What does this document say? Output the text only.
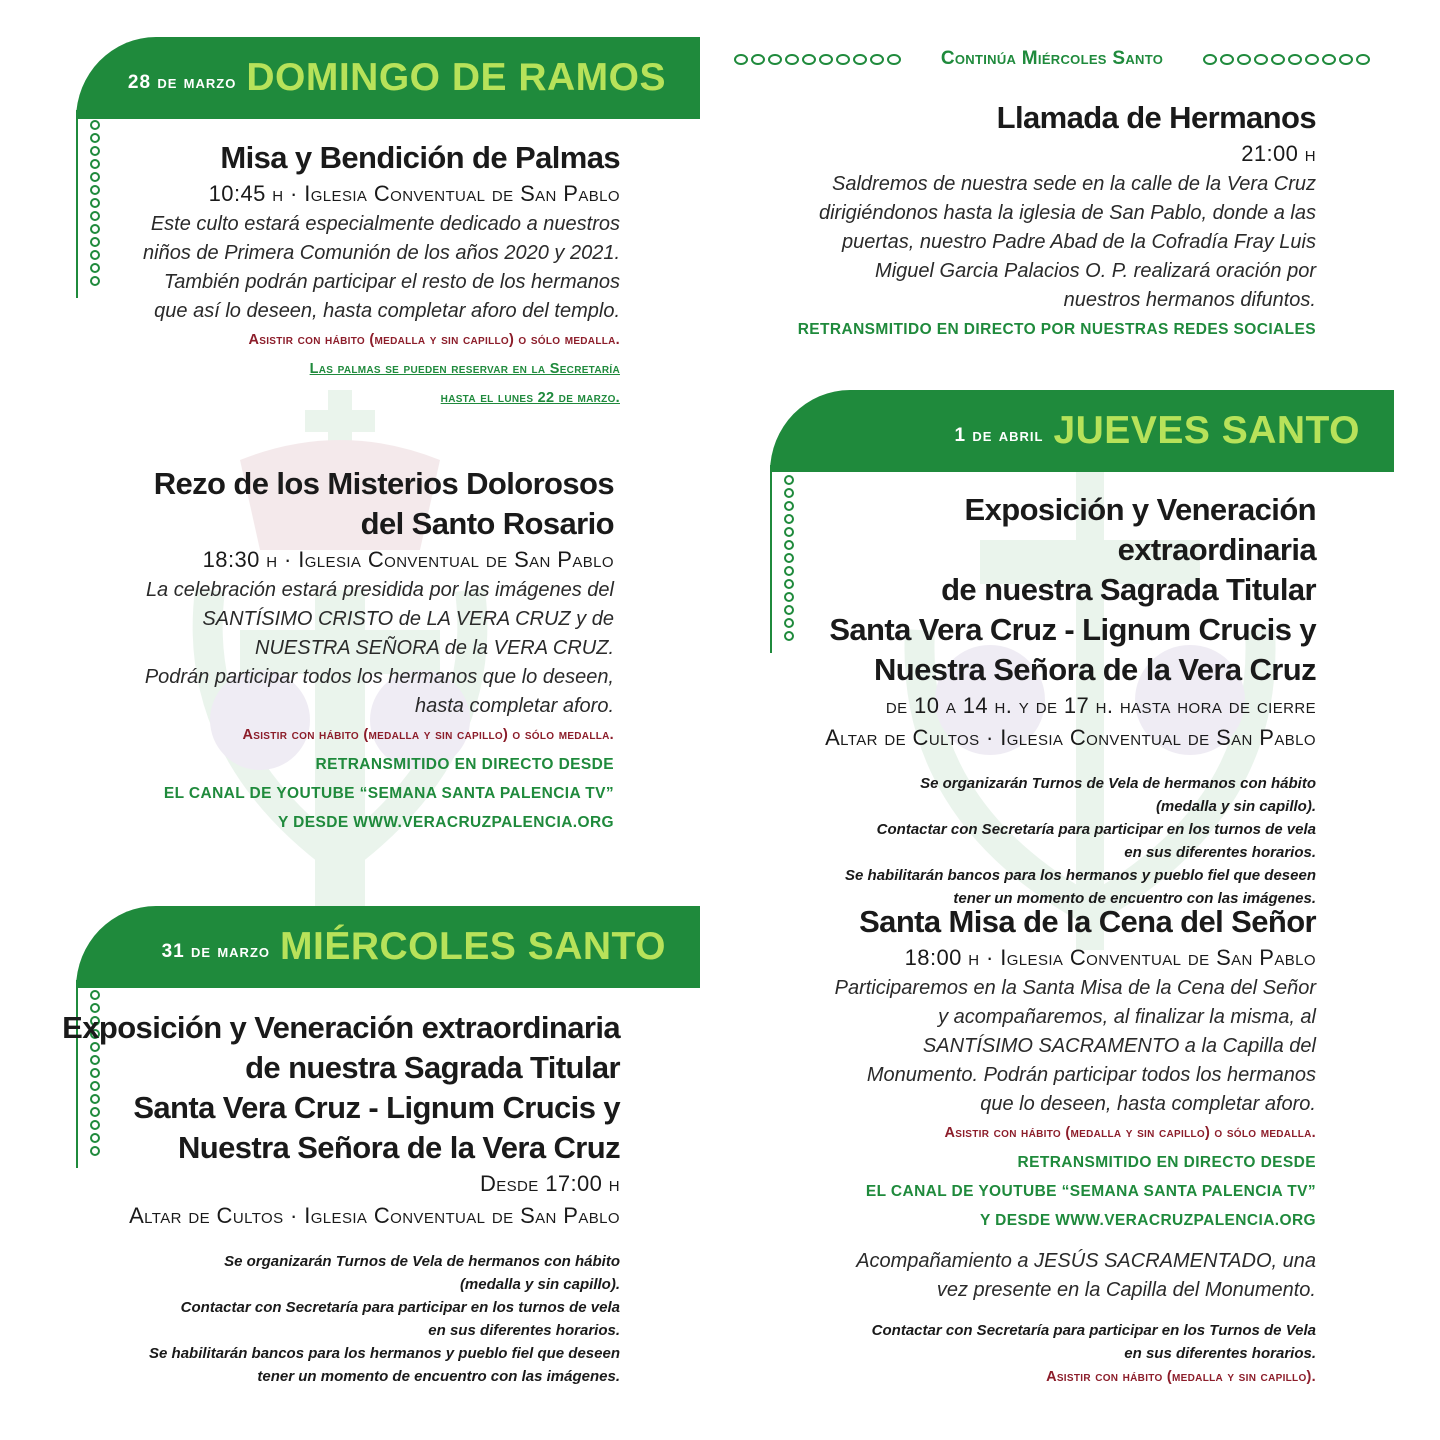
28 de marzo DOMINGO DE RAMOS
Misa y Bendición de Palmas
10:45 h · Iglesia Conventual de San Pablo
Este culto estará especialmente dedicado a nuestros
niños de Primera Comunión de los años 2020 y 2021.
También podrán participar el resto de los hermanos
que así lo deseen, hasta completar aforo del templo.
Asistir con hábito (medalla y sin capillo) o sólo medalla.
Las palmas se pueden reservar en la Secretaría
hasta el lunes 22 de marzo.
Rezo de los Misterios Dolorosos
del Santo Rosario
18:30 h · Iglesia Conventual de San Pablo
La celebración estará presidida por las imágenes del
SANTÍSIMO CRISTO de LA VERA CRUZ y de
NUESTRA SEÑORA de la VERA CRUZ.
Podrán participar todos los hermanos que lo deseen,
hasta completar aforo.
Asistir con hábito (medalla y sin capillo) o sólo medalla.
RETRANSMITIDO EN DIRECTO DESDE
EL CANAL DE YOUTUBE “SEMANA SANTA PALENCIA TV”
Y DESDE WWW.VERACRUZPALENCIA.ORG
31 de marzo MIÉRCOLES SANTO
Exposición y Veneración extraordinaria
de nuestra Sagrada Titular
Santa Vera Cruz - Lignum Crucis y
Nuestra Señora de la Vera Cruz
Desde 17:00 h
Altar de Cultos · Iglesia Conventual de San Pablo
Se organizarán Turnos de Vela de hermanos con hábito
(medalla y sin capillo).
Contactar con Secretaría para participar en los turnos de vela
en sus diferentes horarios.
Se habilitarán bancos para los hermanos y pueblo fiel que deseen
tener un momento de encuentro con las imágenes.
Continúa Miércoles Santo
Llamada de Hermanos
21:00 h
Saldremos de nuestra sede en la calle de la Vera Cruz
dirigiéndonos hasta la iglesia de San Pablo, donde a las
puertas, nuestro Padre Abad de la Cofradía Fray Luis
Miguel Garcia Palacios O. P. realizará oración por
nuestros hermanos difuntos.
RETRANSMITIDO EN DIRECTO POR NUESTRAS REDES SOCIALES
1 de abril JUEVES SANTO
Exposición y Veneración extraordinaria
de nuestra Sagrada Titular
Santa Vera Cruz - Lignum Crucis y
Nuestra Señora de la Vera Cruz
de 10 a 14 h. y de 17 h. hasta hora de cierre
Altar de Cultos · Iglesia Conventual de San Pablo
Se organizarán Turnos de Vela de hermanos con hábito
(medalla y sin capillo).
Contactar con Secretaría para participar en los turnos de vela
en sus diferentes horarios.
Se habilitarán bancos para los hermanos y pueblo fiel que deseen
tener un momento de encuentro con las imágenes.
Santa Misa de la Cena del Señor
18:00 h · Iglesia Conventual de San Pablo
Participaremos en la Santa Misa de la Cena del Señor
y acompañaremos, al finalizar la misma, al
SANTÍSIMO SACRAMENTO a la Capilla del
Monumento. Podrán participar todos los hermanos
que lo deseen, hasta completar aforo.
Asistir con hábito (medalla y sin capillo) o sólo medalla.
RETRANSMITIDO EN DIRECTO DESDE
EL CANAL DE YOUTUBE “SEMANA SANTA PALENCIA TV”
Y DESDE WWW.VERACRUZPALENCIA.ORG
Acompañamiento a JESÚS SACRAMENTADO, una
vez presente en la Capilla del Monumento.
Contactar con Secretaría para participar en los Turnos de Vela
en sus diferentes horarios.
Asistir con hábito (medalla y sin capillo).
